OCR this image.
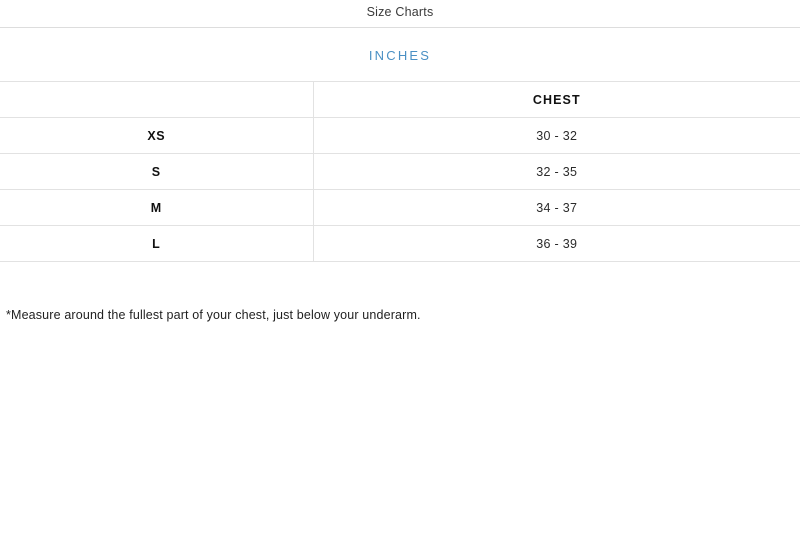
Size Charts
INCHES
	CHEST
XS	30 - 32
S	32 - 35
M	34 - 37
L	36 - 39
*Measure around the fullest part of your chest, just below your underarm.
